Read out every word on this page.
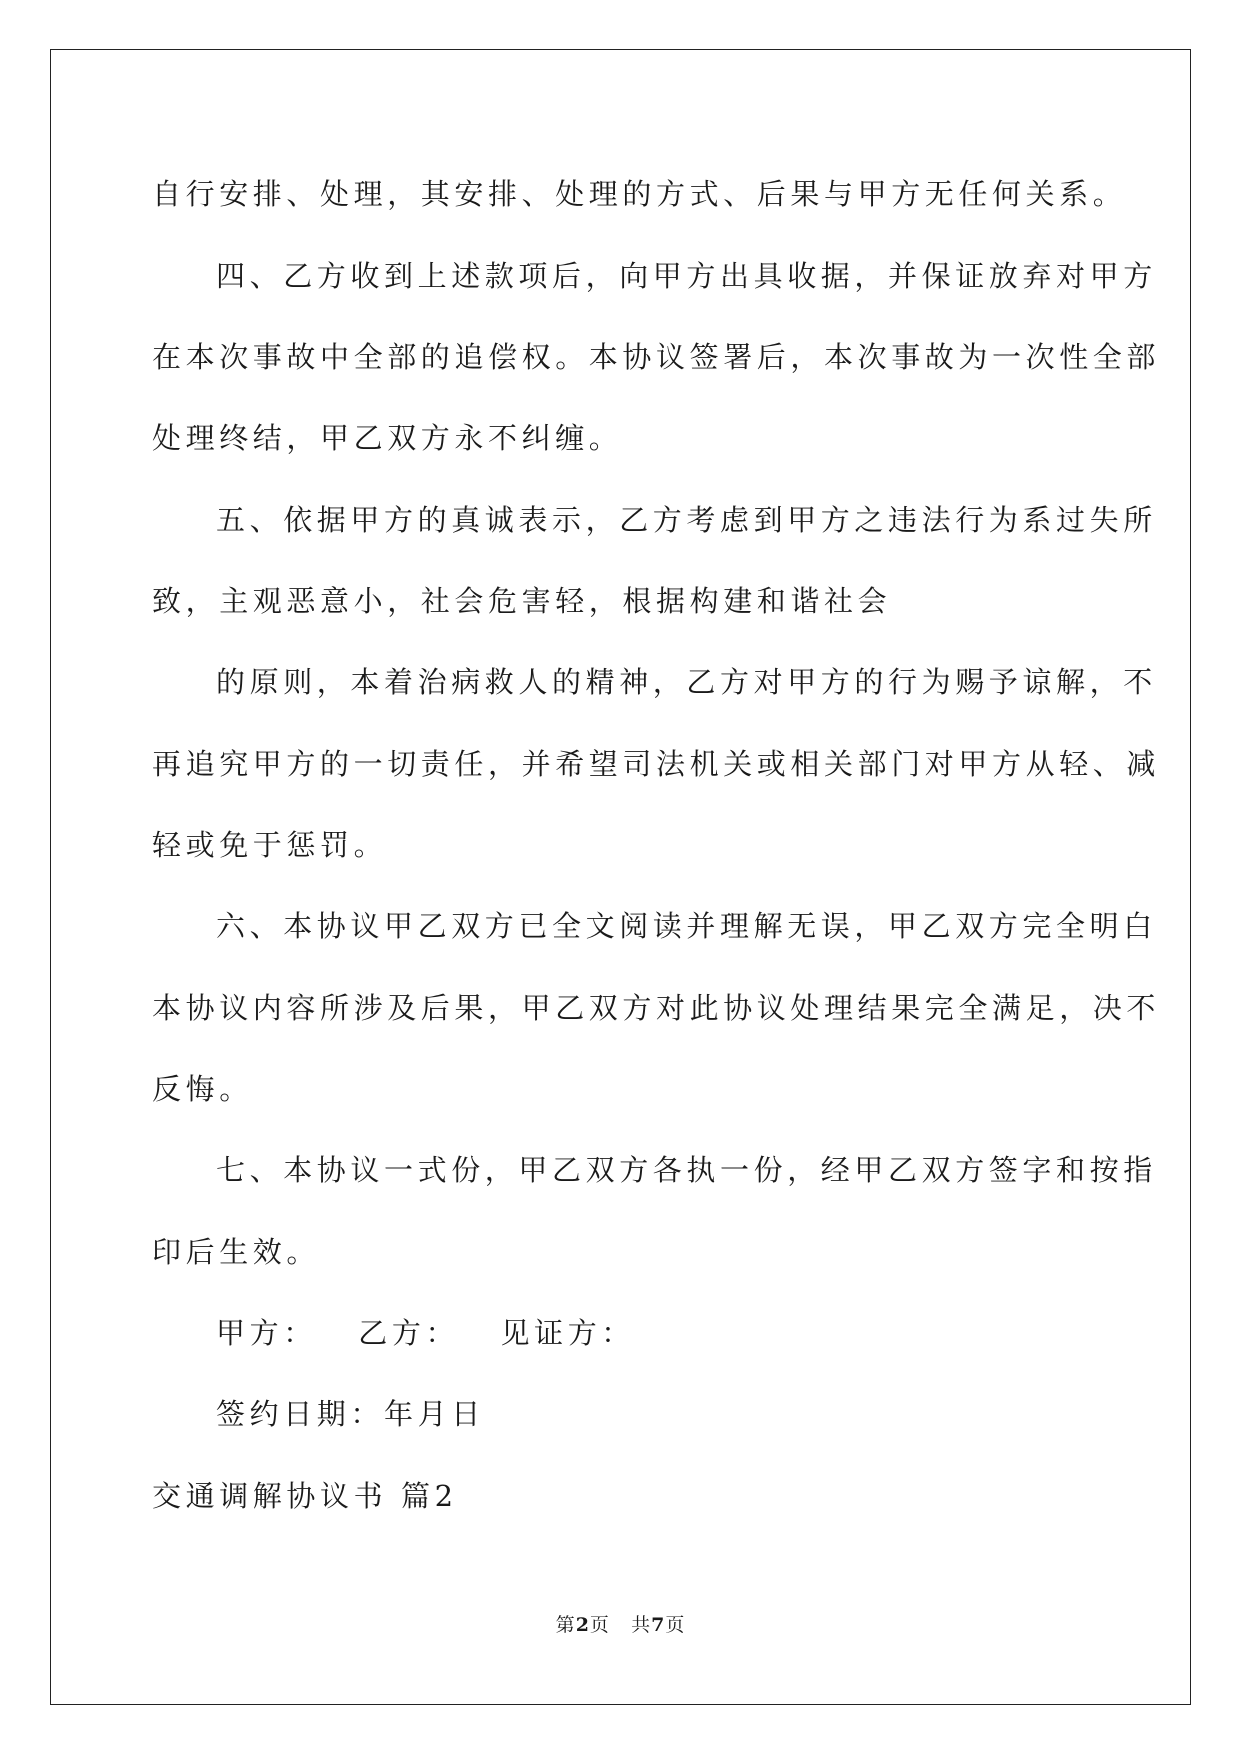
自行安排、处理，其安排、处理的方式、后果与甲方无任何关系。
四、乙方收到上述款项后，向甲方出具收据，并保证放弃对甲方
在本次事故中全部的追偿权。本协议签署后，本次事故为一次性全部
处理终结，甲乙双方永不纠缠。
五、依据甲方的真诚表示，乙方考虑到甲方之违法行为系过失所
致，主观恶意小，社会危害轻，根据构建和谐社会
的原则，本着治病救人的精神，乙方对甲方的行为赐予谅解，不
再追究甲方的一切责任，并希望司法机关或相关部门对甲方从轻、减
轻或免于惩罚。
六、本协议甲乙双方已全文阅读并理解无误，甲乙双方完全明白
本协议内容所涉及后果，甲乙双方对此协议处理结果完全满足，决不
反悔。
七、本协议一式份，甲乙双方各执一份，经甲乙双方签字和按指
印后生效。
甲方：   乙方：   见证方：
签约日期：年月日
交通调解协议书 篇2
第2页 共7页
